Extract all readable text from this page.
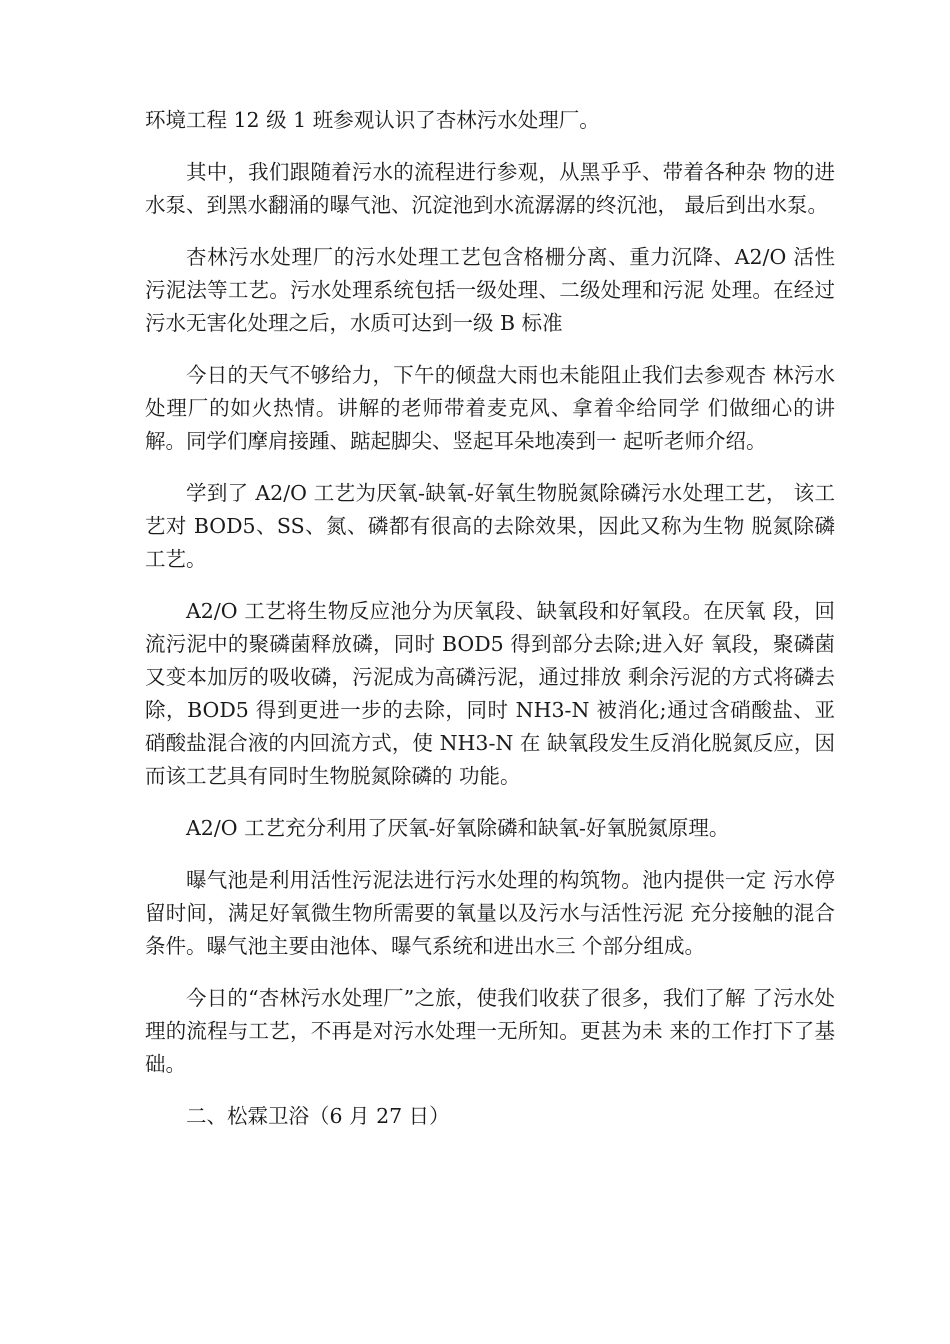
环境工程 12 级 1 班参观认识了杏林污水处理厂。

其中，我们跟随着污水的流程进行参观，从黑乎乎、带着各种杂 物的进水泵、到黑水翻涌的曝气池、沉淀池到水流潺潺的终沉池， 最后到出水泵。

杏林污水处理厂的污水处理工艺包含格栅分离、重力沉降、A2/O 活性污泥法等工艺。污水处理系统包括一级处理、二级处理和污泥 处理。在经过污水无害化处理之后，水质可达到一级 B 标准

今日的天气不够给力，下午的倾盘大雨也未能阻止我们去参观杏 林污水处理厂的如火热情。讲解的老师带着麦克风、拿着伞给同学 们做细心的讲解。同学们摩肩接踵、踮起脚尖、竖起耳朵地凑到一 起听老师介绍。

学到了 A2/O 工艺为厌氧-缺氧-好氧生物脱氮除磷污水处理工艺， 该工艺对 BOD5、SS、氮、磷都有很高的去除效果，因此又称为生物 脱氮除磷工艺。

A2/O 工艺将生物反应池分为厌氧段、缺氧段和好氧段。在厌氧 段，回流污泥中的聚磷菌释放磷，同时 BOD5 得到部分去除;进入好 氧段，聚磷菌又变本加厉的吸收磷，污泥成为高磷污泥，通过排放 剩余污泥的方式将磷去除，BOD5 得到更进一步的去除，同时 NH3-N 被消化;通过含硝酸盐、亚硝酸盐混合液的内回流方式，使 NH3-N 在 缺氧段发生反消化脱氮反应，因而该工艺具有同时生物脱氮除磷的 功能。

A2/O 工艺充分利用了厌氧-好氧除磷和缺氧-好氧脱氮原理。

曝气池是利用活性污泥法进行污水处理的构筑物。池内提供一定 污水停留时间，满足好氧微生物所需要的氧量以及污水与活性污泥 充分接触的混合条件。曝气池主要由池体、曝气系统和进出水三 个部分组成。

今日的“杏林污水处理厂”之旅，使我们收获了很多，我们了解 了污水处理的流程与工艺，不再是对污水处理一无所知。更甚为未 来的工作打下了基础。

二、松霖卫浴（6 月 27 日）
